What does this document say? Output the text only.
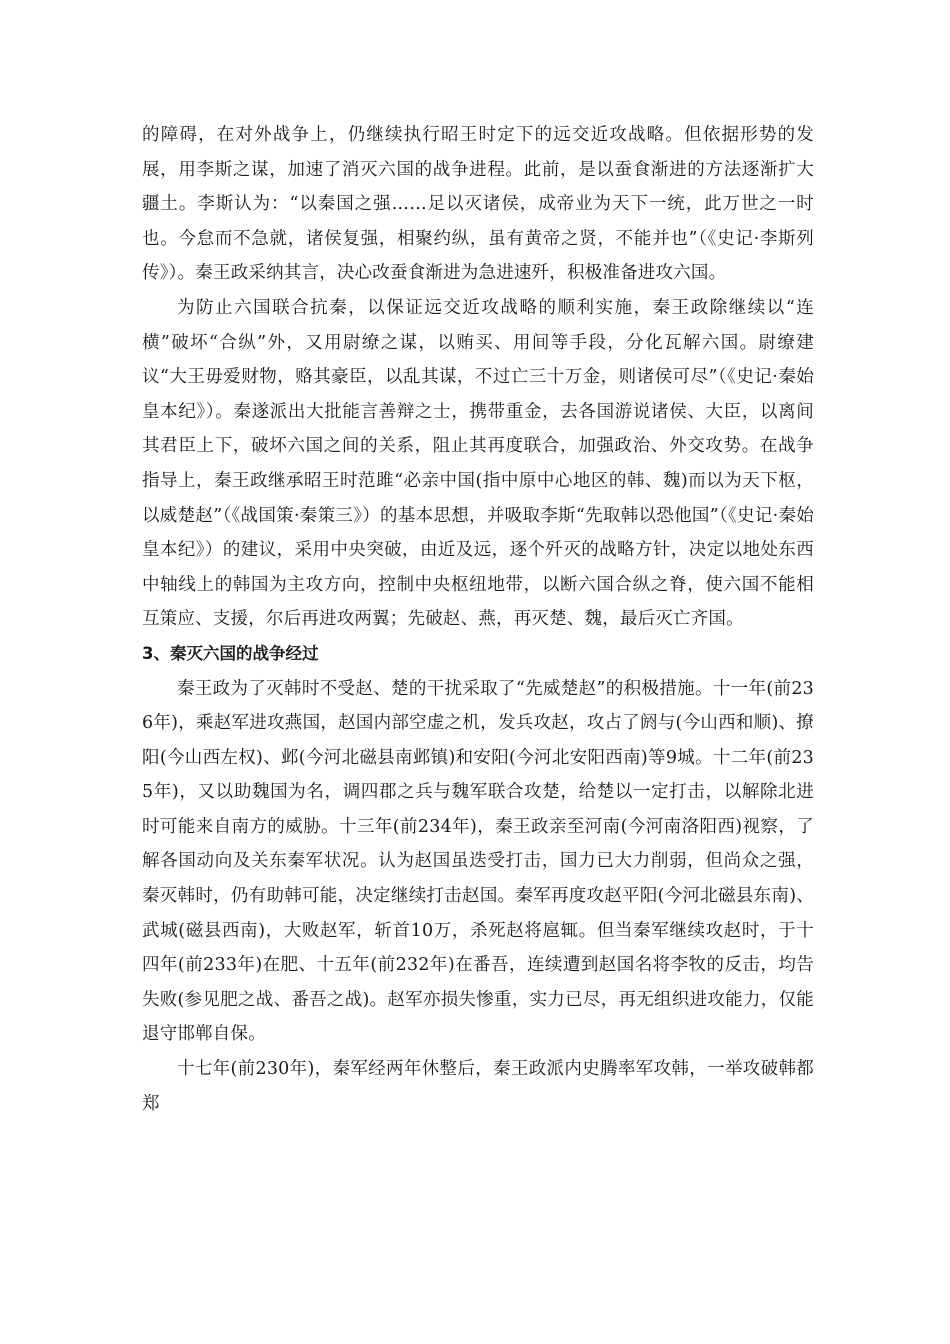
的障碍，在对外战争上，仍继续执行昭王时定下的远交近攻战略。但依据形势的发展，用李斯之谋，加速了消灭六国的战争进程。此前，是以蚕食渐进的方法逐渐扩大疆土。李斯认为：“以秦国之强……足以灭诸侯，成帝业为天下一统，此万世之一时也。今怠而不急就，诸侯复强，相聚约纵，虽有黄帝之贤，不能并也”（《史记·李斯列传》）。秦王政采纳其言，决心改蚕食渐进为急进速歼，积极准备进攻六国。

为防止六国联合抗秦，以保证远交近攻战略的顺利实施，秦王政除继续以“连横”破坏“合纵”外，又用尉缭之谋，以贿买、用间等手段，分化瓦解六国。尉缭建议“大王毋爱财物，赂其豪臣，以乱其谋，不过亡三十万金，则诸侯可尽”（《史记·秦始皇本纪》）。秦遂派出大批能言善辩之士，携带重金，去各国游说诸侯、大臣，以离间其君臣上下，破坏六国之间的关系，阻止其再度联合，加强政治、外交攻势。在战争指导上，秦王政继承昭王时范雎“必亲中国(指中原中心地区的韩、魏)而以为天下枢，以威楚赵”（《战国策·秦策三》）的基本思想，并吸取李斯“先取韩以恐他国”（《史记·秦始皇本纪》）的建议，采用中央突破，由近及远，逐个歼灭的战略方针，决定以地处东西中轴线上的韩国为主攻方向，控制中央枢纽地带，以断六国合纵之脊，使六国不能相互策应、支援，尔后再进攻两翼；先破赵、燕，再灭楚、魏，最后灭亡齐国。

3、秦灭六国的战争经过

秦王政为了灭韩时不受赵、楚的干扰采取了“先威楚赵”的积极措施。十一年(前236年)，乘赵军进攻燕国，赵国内部空虚之机，发兵攻赵，攻占了阏与(今山西和顺)、撩阳(今山西左权)、邺(今河北磁县南邺镇)和安阳(今河北安阳西南)等9城。十二年(前235年)，又以助魏国为名，调四郡之兵与魏军联合攻楚，给楚以一定打击，以解除北进时可能来自南方的威胁。十三年(前234年)，秦王政亲至河南(今河南洛阳西)视察，了解各国动向及关东秦军状况。认为赵国虽迭受打击，国力已大力削弱，但尚众之强，秦灭韩时，仍有助韩可能，决定继续打击赵国。秦军再度攻赵平阳(今河北磁县东南)、武城(磁县西南)，大败赵军，斩首10万，杀死赵将扈辄。但当秦军继续攻赵时，于十四年(前233年)在肥、十五年(前232年)在番吾，连续遭到赵国名将李牧的反击，均告失败(参见肥之战、番吾之战)。赵军亦损失惨重，实力已尽，再无组织进攻能力，仅能退守邯郸自保。

十七年(前230年)，秦军经两年休整后，秦王政派内史腾率军攻韩，一举攻破韩都郑
